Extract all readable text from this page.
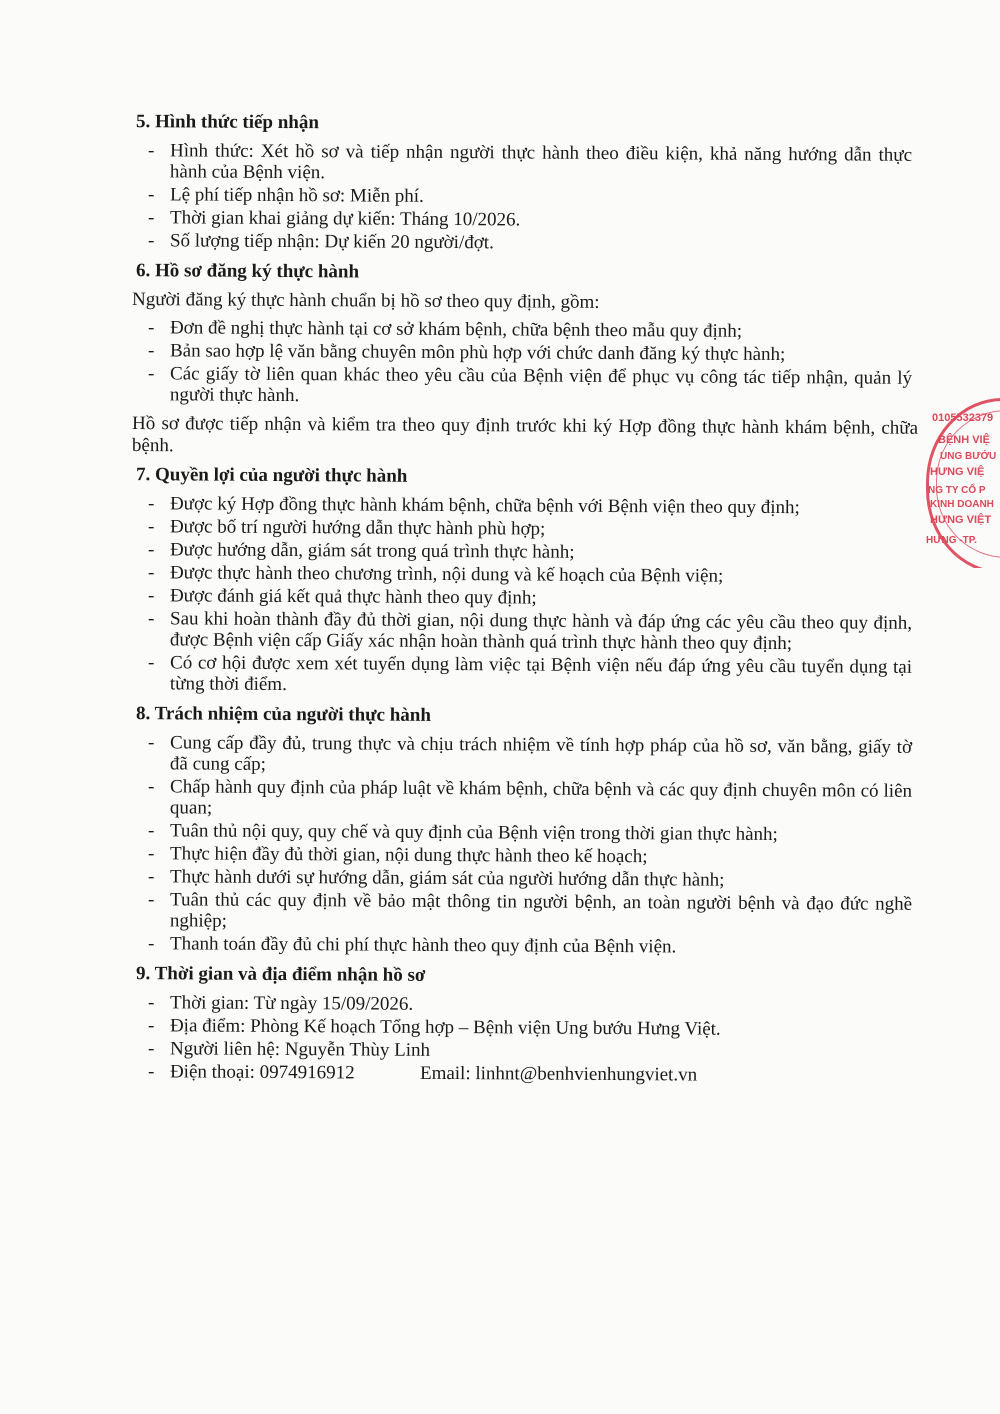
5. Hình thức tiếp nhận

- Hình thức: Xét hồ sơ và tiếp nhận người thực hành theo điều kiện, khả năng hướng dẫn thực hành của Bệnh viện.
- Lệ phí tiếp nhận hồ sơ: Miễn phí.
- Thời gian khai giảng dự kiến: Tháng 10/2026.
- Số lượng tiếp nhận: Dự kiến 20 người/đợt.

6. Hồ sơ đăng ký thực hành

Người đăng ký thực hành chuẩn bị hồ sơ theo quy định, gồm:

- Đơn đề nghị thực hành tại cơ sở khám bệnh, chữa bệnh theo mẫu quy định;
- Bản sao hợp lệ văn bằng chuyên môn phù hợp với chức danh đăng ký thực hành;
- Các giấy tờ liên quan khác theo yêu cầu của Bệnh viện để phục vụ công tác tiếp nhận, quản lý người thực hành.

Hồ sơ được tiếp nhận và kiểm tra theo quy định trước khi ký Hợp đồng thực hành khám bệnh, chữa bệnh.

7. Quyền lợi của người thực hành

- Được ký Hợp đồng thực hành khám bệnh, chữa bệnh với Bệnh viện theo quy định;
- Được bố trí người hướng dẫn thực hành phù hợp;
- Được hướng dẫn, giám sát trong quá trình thực hành;
- Được thực hành theo chương trình, nội dung và kế hoạch của Bệnh viện;
- Được đánh giá kết quả thực hành theo quy định;
- Sau khi hoàn thành đầy đủ thời gian, nội dung thực hành và đáp ứng các yêu cầu theo quy định, được Bệnh viện cấp Giấy xác nhận hoàn thành quá trình thực hành theo quy định;
- Có cơ hội được xem xét tuyển dụng làm việc tại Bệnh viện nếu đáp ứng yêu cầu tuyển dụng tại từng thời điểm.

8. Trách nhiệm của người thực hành

- Cung cấp đầy đủ, trung thực và chịu trách nhiệm về tính hợp pháp của hồ sơ, văn bằng, giấy tờ đã cung cấp;
- Chấp hành quy định của pháp luật về khám bệnh, chữa bệnh và các quy định chuyên môn có liên quan;
- Tuân thủ nội quy, quy chế và quy định của Bệnh viện trong thời gian thực hành;
- Thực hiện đầy đủ thời gian, nội dung thực hành theo kế hoạch;
- Thực hành dưới sự hướng dẫn, giám sát của người hướng dẫn thực hành;
- Tuân thủ các quy định về bảo mật thông tin người bệnh, an toàn người bệnh và đạo đức nghề nghiệp;
- Thanh toán đầy đủ chi phí thực hành theo quy định của Bệnh viện.

9. Thời gian và địa điểm nhận hồ sơ

- Thời gian: Từ ngày 15/09/2026.
- Địa điểm: Phòng Kế hoạch Tổng hợp – Bệnh viện Ung bướu Hưng Việt.
- Người liên hệ: Nguyễn Thùy Linh
- Điện thoại: 0974916912	Email: linhnt@benhvienhungviet.vn
0105532379
BỆNH VIỆ
UNG BƯỚU
HƯNG VIỆ
NG TY CỔ P
KINH DOANH
HƯNG VIỆT
HƯNG -TP.
